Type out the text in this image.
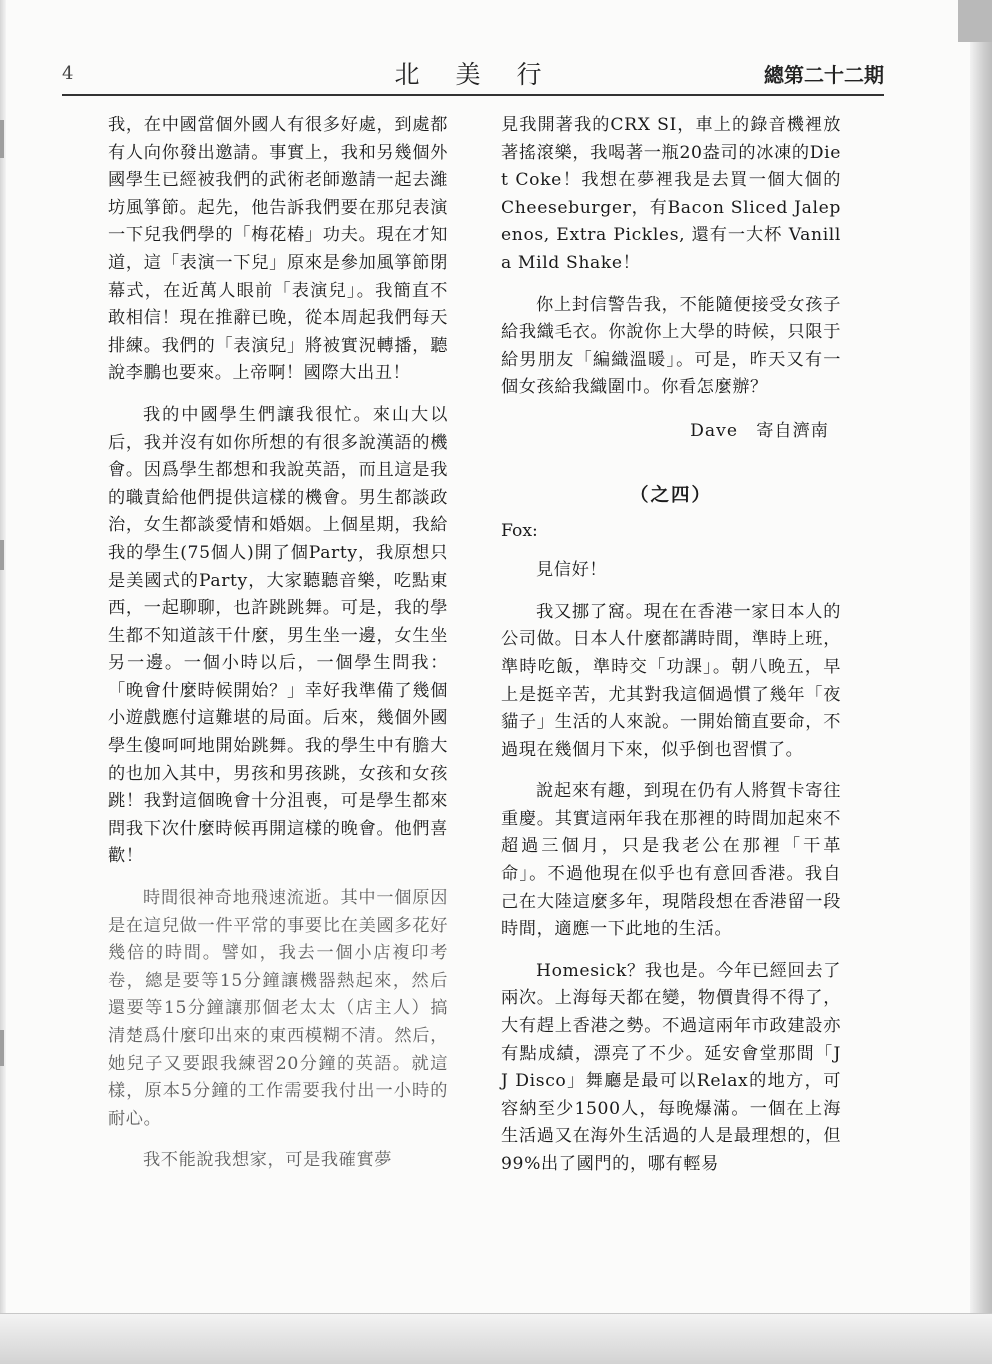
4	北 美 行	總第二十二期

我，在中國當個外國人有很多好處，到處都有人向你發出邀請。事實上，我和另幾個外國學生已經被我們的武術老師邀請一起去濰坊風箏節。起先，他告訴我們要在那兒表演一下兒我們學的「梅花樁」功夫。現在才知道，這「表演一下兒」原來是參加風箏節閉幕式，在近萬人眼前「表演兒」。我簡直不敢相信！現在推辭已晚，從本周起我們每天排練。我們的「表演兒」將被實況轉播，聽說李鵬也要來。上帝啊！國際大出丑！

我的中國學生們讓我很忙。來山大以后，我并沒有如你所想的有很多說漢語的機會。因爲學生都想和我說英語，而且這是我的職責給他們提供這樣的機會。男生都談政治，女生都談愛情和婚姻。上個星期，我給我的學生(75個人)開了個Party，我原想只是美國式的Party，大家聽聽音樂，吃點東西，一起聊聊，也許跳跳舞。可是，我的學生都不知道該干什麼，男生坐一邊，女生坐另一邊。一個小時以后，一個學生問我：「晚會什麼時候開始？」幸好我準備了幾個小遊戲應付這難堪的局面。后來，幾個外國學生傻呵呵地開始跳舞。我的學生中有膽大的也加入其中，男孩和男孩跳，女孩和女孩跳！我對這個晚會十分沮喪，可是學生都來問我下次什麼時候再開這樣的晚會。他們喜歡！

時間很神奇地飛速流逝。其中一個原因是在這兒做一件平常的事要比在美國多花好幾倍的時間。譬如，我去一個小店複印考卷，總是要等15分鐘讓機器熱起來，然后還要等15分鐘讓那個老太太（店主人）搞清楚爲什麼印出來的東西模糊不清。然后，她兒子又要跟我練習20分鐘的英語。就這樣，原本5分鐘的工作需要我付出一小時的耐心。

我不能說我想家，可是我確實夢

見我開著我的CRX SI，車上的錄音機裡放著搖滾樂，我喝著一瓶20盎司的冰凍的Diet Coke！我想在夢裡我是去買一個大個的Cheeseburger，有Bacon Sliced Jalepenos, Extra Pickles, 還有一大杯 Vanilla Mild Shake！

你上封信警告我，不能隨便接受女孩子給我織毛衣。你說你上大學的時候，只限于給男朋友「編織溫暖」。可是，昨天又有一個女孩給我織圍巾。你看怎麼辦？

Dave　寄自濟南

（之四）

Fox:

見信好！

我又挪了窩。現在在香港一家日本人的公司做。日本人什麼都講時間，準時上班，準時吃飯，準時交「功課」。朝八晚五，早上是挺辛苦，尤其對我這個過慣了幾年「夜貓子」生活的人來說。一開始簡直要命，不過現在幾個月下來，似乎倒也習慣了。

說起來有趣，到現在仍有人將賀卡寄往重慶。其實這兩年我在那裡的時間加起來不超過三個月，只是我老公在那裡「干革命」。不過他現在似乎也有意回香港。我自己在大陸這麼多年，現階段想在香港留一段時間，適應一下此地的生活。

Homesick？我也是。今年已經回去了兩次。上海每天都在變，物價貴得不得了，大有趕上香港之勢。不過這兩年市政建設亦有點成績，漂亮了不少。延安會堂那間「J J Disco」舞廳是最可以Relax的地方，可容納至少1500人，每晚爆滿。一個在上海生活過又在海外生活過的人是最理想的，但99%出了國門的，哪有輕易
